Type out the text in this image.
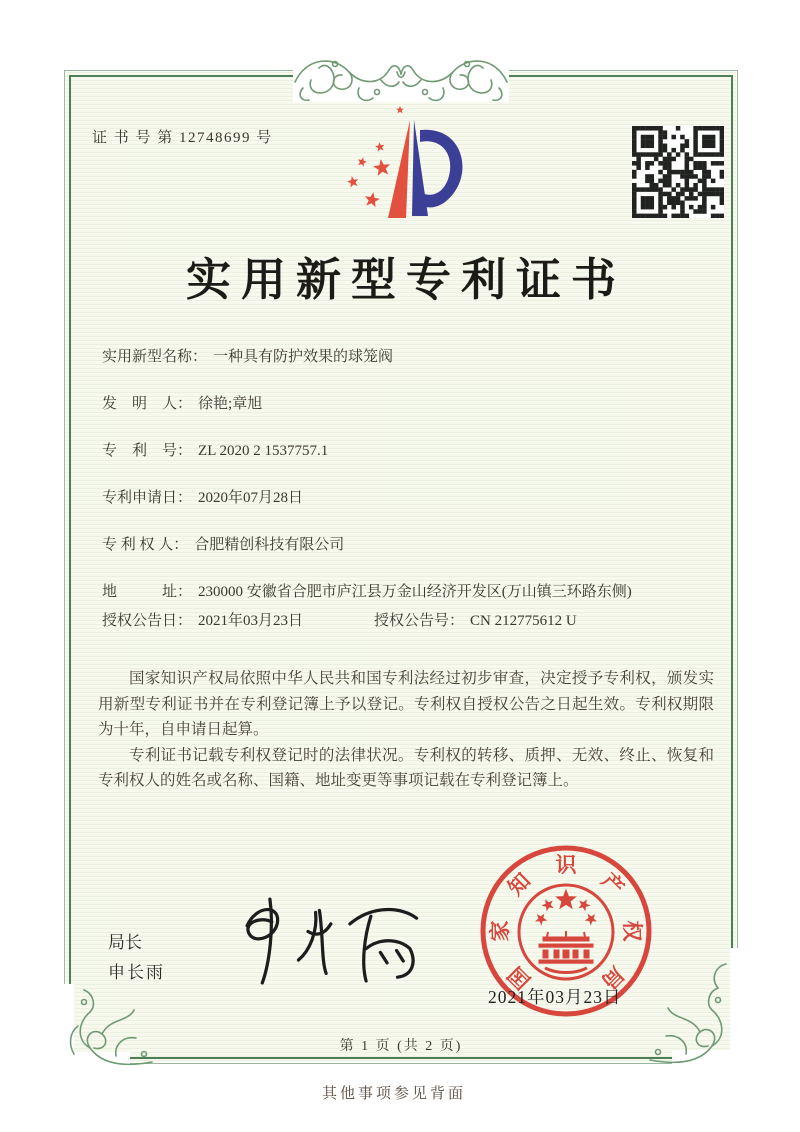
证 书 号 第 12748699 号
实用新型专利证书
实用新型名称： 一种具有防护效果的球笼阀
发　明　人： 徐艳;章旭
专　利　号： ZL 2020 2 1537757.1
专利申请日： 2020年07月28日
专 利 权 人： 合肥精创科技有限公司
地　　　址： 230000 安徽省合肥市庐江县万金山经济开发区(万山镇三环路东侧)
授权公告日： 2021年03月23日	授权公告号： CN 212775612 U

国家知识产权局依照中华人民共和国专利法经过初步审查，决定授予专利权，颁发实用新型专利证书并在专利登记簿上予以登记。专利权自授权公告之日起生效。专利权期限为十年，自申请日起算。

专利证书记载专利权登记时的法律状况。专利权的转移、质押、无效、终止、恢复和专利权人的姓名或名称、国籍、地址变更等事项记载在专利登记簿上。

局长
申长雨	国
家
知
识
产
权
局
2021年03月23日
第 1 页 (共 2 页)
其他事项参见背面
